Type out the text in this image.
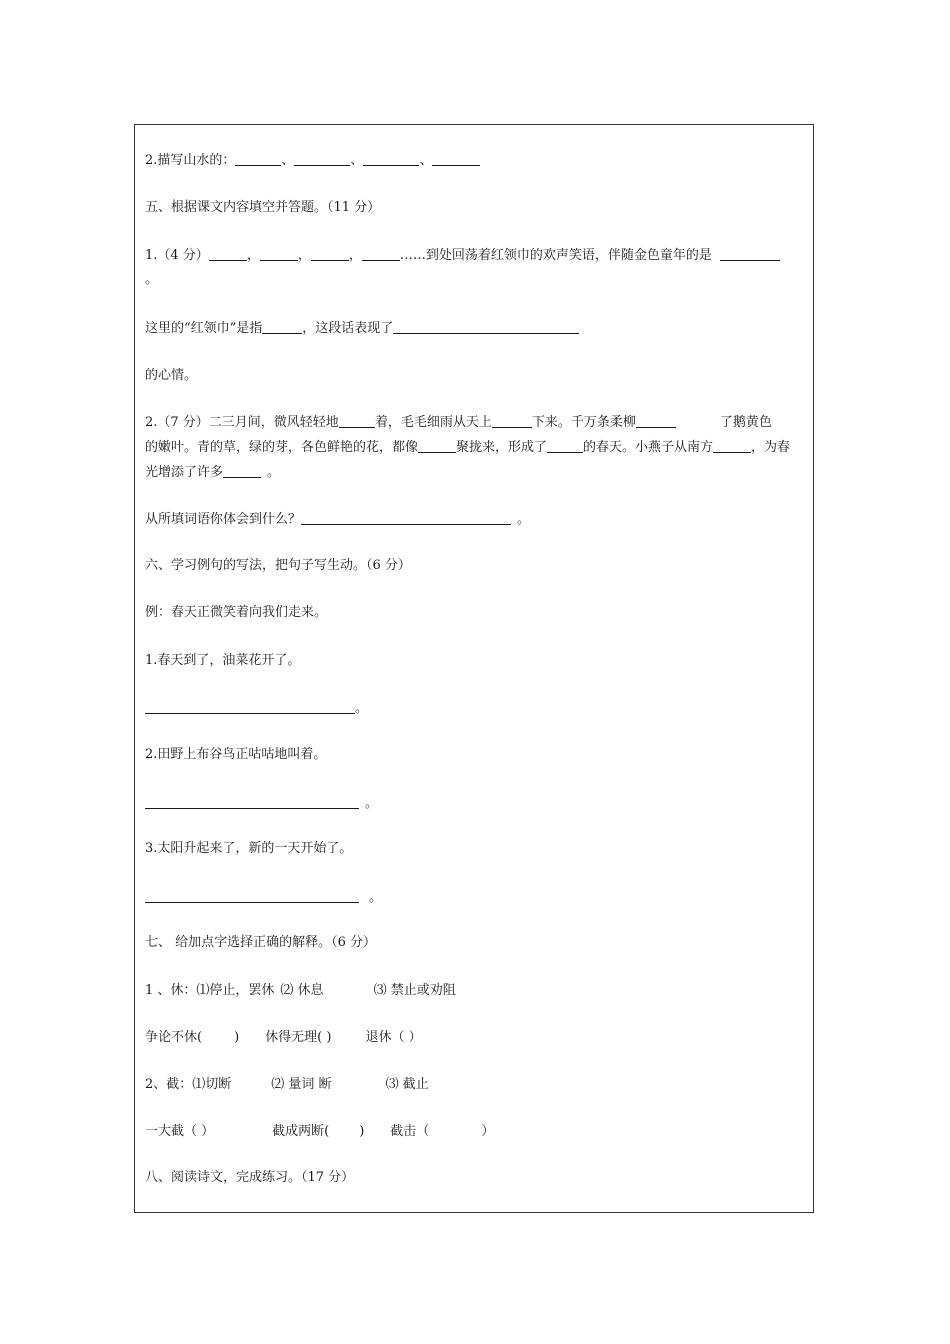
2.描写山水的：	、	、	、
五、根据课文内容填空并答题。（11 分）
1.（4 分）	，	，	，	……到处回荡着红领巾的欢声笑语，伴随金色童年的是
。
这里的“红领巾”是指	，这段话表现了
的心情。
2.（7 分）二三月间，微风轻轻地	着，毛毛细雨从天上	下来。千万条柔柳	了鹅黄色
的嫩叶。青的草，绿的芽，各色鲜艳的花，都像	聚拢来，形成了	的春天。小燕子从南方	，为春
光增添了许多	。
从所填词语你体会到什么？	。
六、学习例句的写法，把句子写生动。（6 分）
例：春天正微笑着向我们走来。
1.春天到了，油菜花开了。
。
2.田野上布谷鸟正咕咕地叫着。
。
3.太阳升起来了，新的一天开始了。
。
七、 给加点字选择正确的解释。（6 分）
1 、休：⑴停止，罢休 ⑵ 休息	⑶ 禁止或劝阻
争论不休( ) 休得无理( )	退休（ ）
2、截：⑴切断	⑵ 量词 断	⑶ 截止
一大截（ ）	截成两断( ) 截击（	）
八、阅读诗文，完成练习。（17 分）
